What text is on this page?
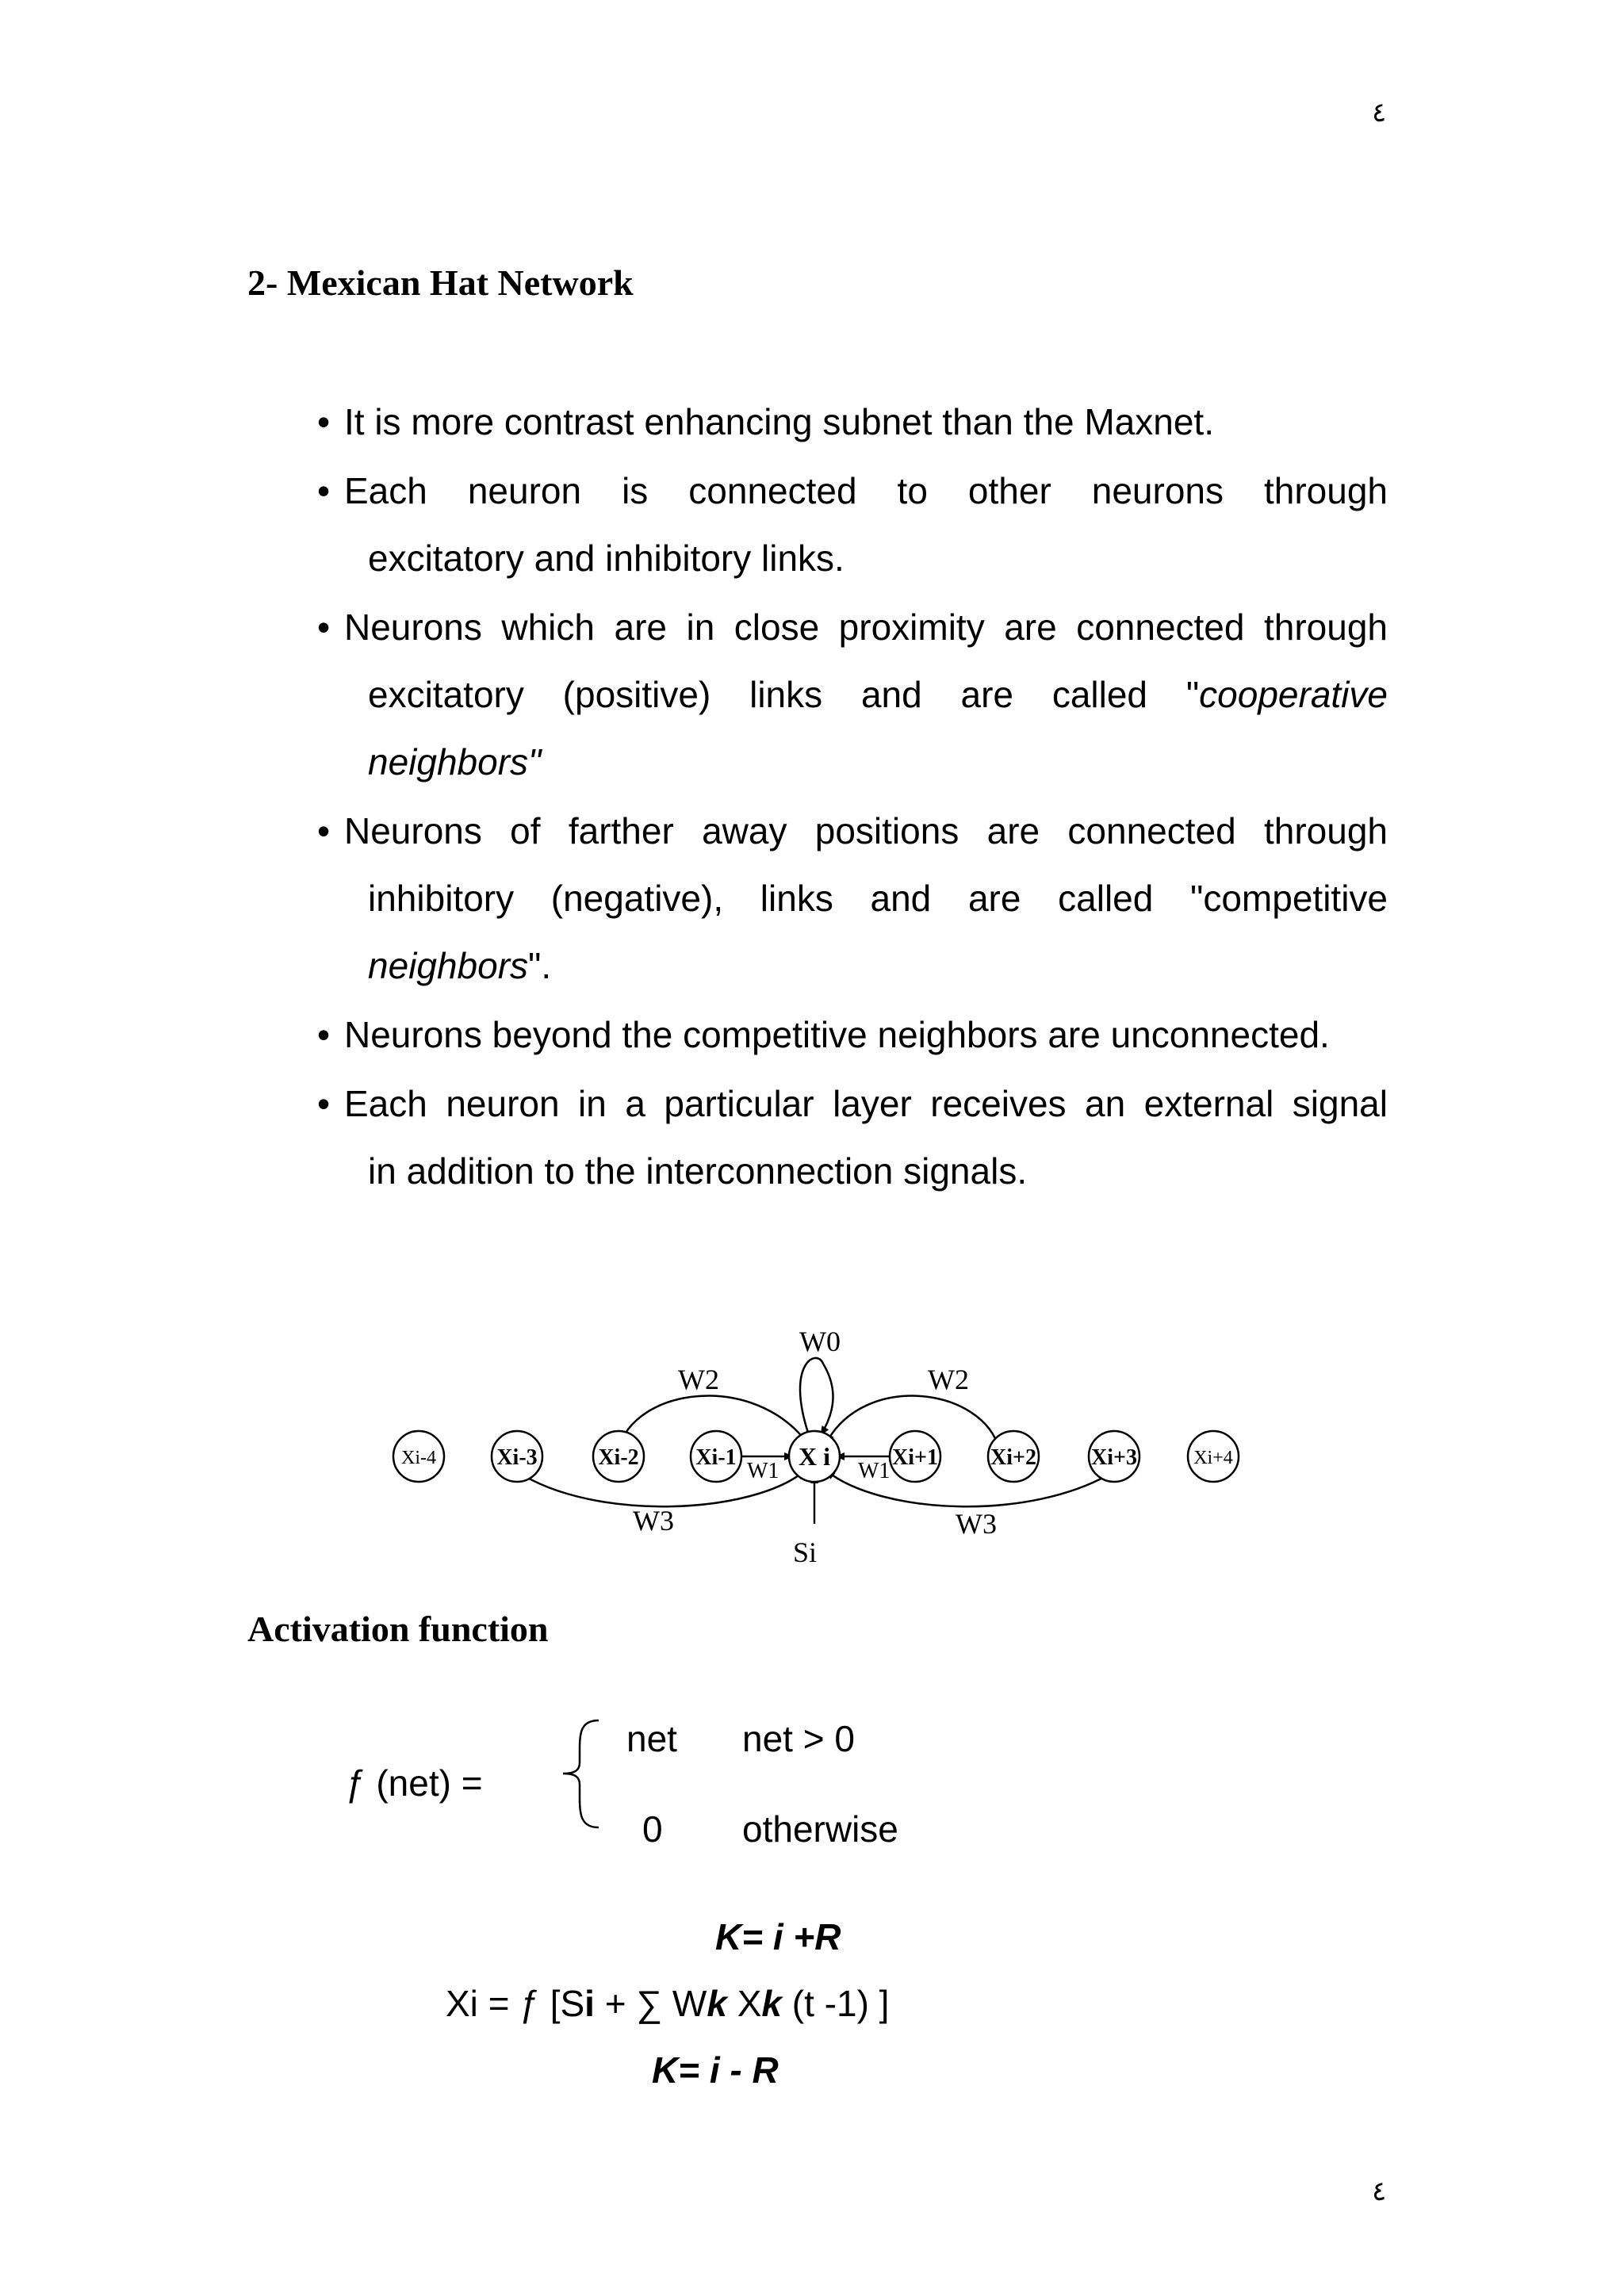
٤
٤
2- Mexican Hat Network
• It is more contrast enhancing subnet than the Maxnet.
• Each neuron is connected to other neurons through
excitatory and inhibitory links.
• Neurons which are in close proximity are connected through
excitatory (positive) links and are called "cooperative
neighbors"
• Neurons of farther away positions are connected through
inhibitory (negative), links and are called "competitive
neighbors".
• Neurons beyond the competitive neighbors are unconnected.
• Each neuron in a particular layer receives an external signal
in addition to the interconnection signals.
W0
W2	W2
W1	W1
W3	W3
Si
Xi-4	Xi-3	Xi-2	Xi-1 X i	Xi+1 Xi+2 Xi+3	Xi+4
Activation function
ƒ (net) =
net net > 0
0 otherwise
K= i +R
Xi = ƒ [Si + ∑ Wk Xk (t -1) ]
K= i - R
